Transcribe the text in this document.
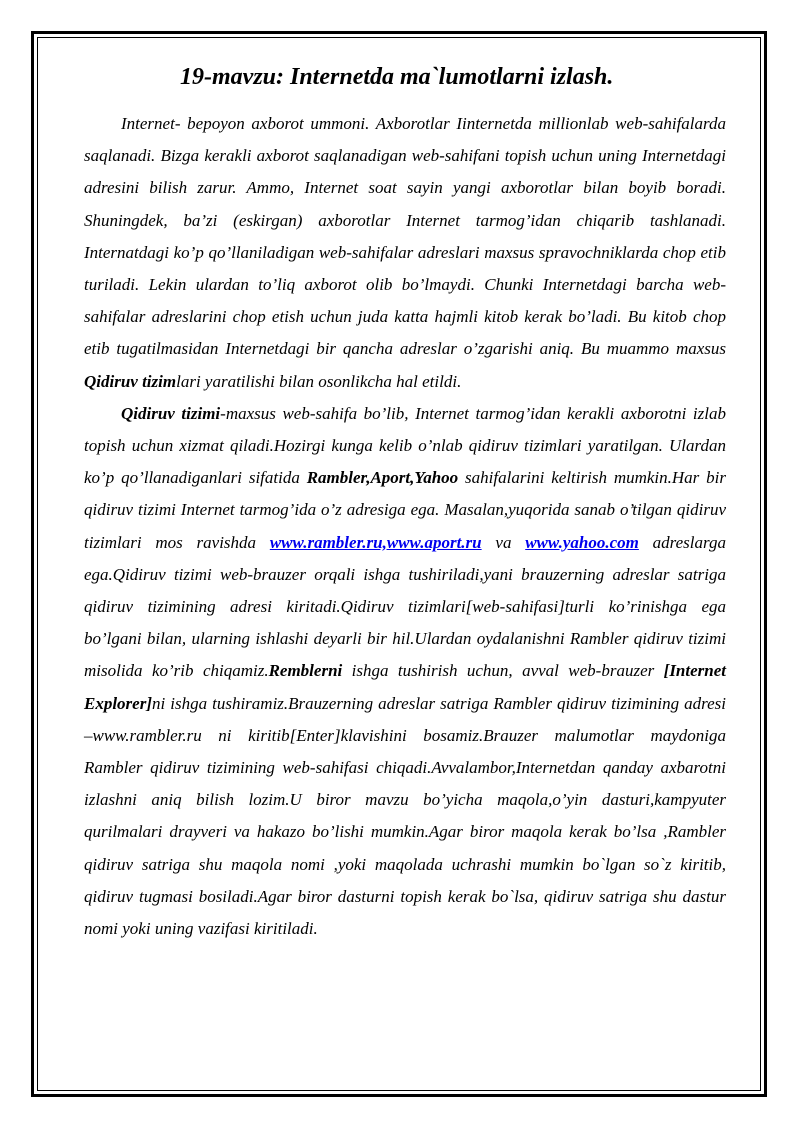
19-mavzu: Internetda ma`lumotlarni izlash.

Internet- bepoyon axborot ummoni. Axborotlar Iinternetda millionlab web-sahifalarda saqlanadi. Bizga kerakli axborot saqlanadigan web-sahifani topish uchun uning Internetdagi adresini bilish zarur. Ammo, Internet soat sayin yangi axborotlar bilan boyib boradi. Shuningdek, ba’zi (eskirgan) axborotlar Internet tarmog’idan chiqarib tashlanadi. Internatdagi ko’p qo’llaniladigan web-sahifalar adreslari maxsus spravochniklarda chop etib turiladi. Lekin ulardan to’liq axborot olib bo’lmaydi. Chunki Internetdagi barcha web-sahifalar adreslarini chop etish uchun juda katta hajmli kitob kerak bo’ladi. Bu kitob chop etib tugatilmasidan Internetdagi bir qancha adreslar o’zgarishi aniq. Bu muammo maxsus Qidiruv tizimlari yaratilishi bilan osonlikcha hal etildi.

Qidiruv tizimi-maxsus web-sahifa bo’lib, Internet tarmog’idan kerakli axborotni izlab topish uchun xizmat qiladi.Hozirgi kunga kelib o’nlab qidiruv tizimlari yaratilgan. Ulardan ko’p qo’llanadiganlari sifatida Rambler,Aport,Yahoo sahifalarini keltirish mumkin.Har bir qidiruv tizimi Internet tarmog’ida o’z adresiga ega. Masalan,yuqorida sanab o’tilgan qidiruv tizimlari mos ravishda www.rambler.ru,www.aport.ru va www.yahoo.com adreslarga ega.Qidiruv tizimi web-brauzer orqali ishga tushiriladi,yani brauzerning adreslar satriga qidiruv tizimining adresi kiritadi.Qidiruv tizimlari[web-sahifasi]turli ko’rinishga ega bo’lgani bilan, ularning ishlashi deyarli bir hil.Ulardan oydalanishni Rambler qidiruv tizimi misolida ko’rib chiqamiz.Remblerni ishga tushirish uchun, avval web-brauzer [Internet Explorer]ni ishga tushiramiz.Brauzerning adreslar satriga Rambler qidiruv tizimining adresi –www.rambler.ru ni kiritib[Enter]klavishini bosamiz.Brauzer malumotlar maydoniga Rambler qidiruv tizimining web-sahifasi chiqadi.Avvalambor,Internetdan qanday axbarotni izlashni aniq bilish lozim.U biror mavzu bo’yicha maqola,o’yin dasturi,kampyuter qurilmalari drayveri va hakazo bo’lishi mumkin.Agar biror maqola kerak bo’lsa ,Rambler qidiruv satriga shu maqola nomi ,yoki maqolada uchrashi mumkin bo`lgan so`z kiritib, qidiruv tugmasi bosiladi.Agar biror dasturni topish kerak bo`lsa, qidiruv satriga shu dastur nomi yoki uning vazifasi kiritiladi.
